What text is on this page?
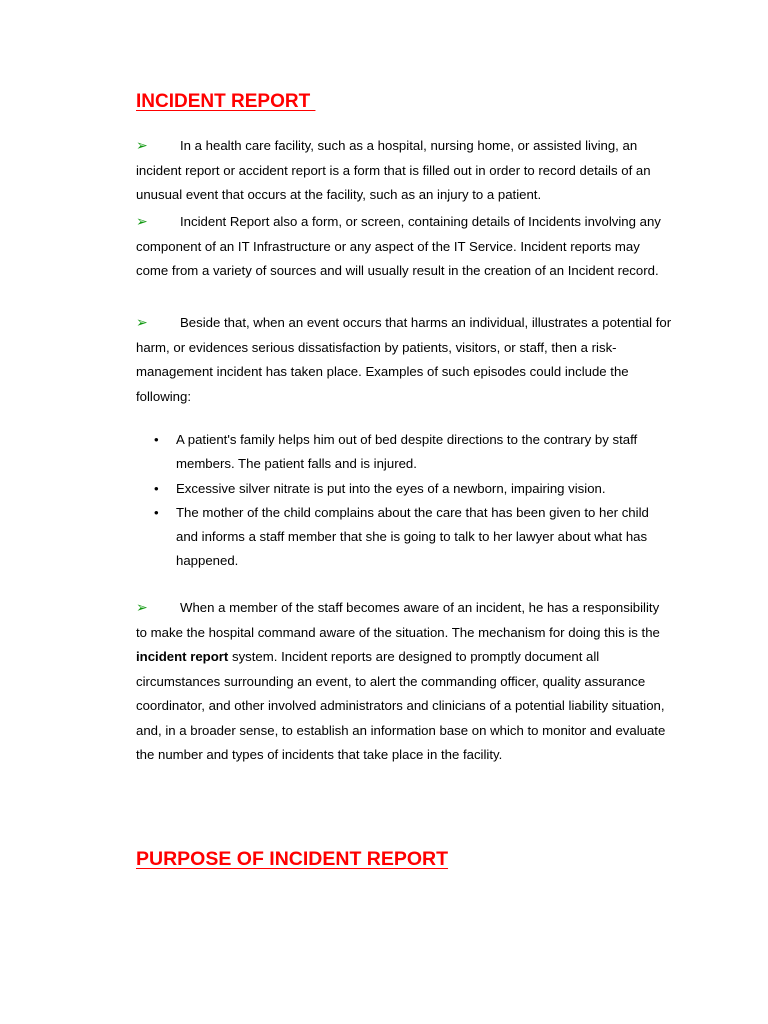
INCIDENT REPORT

➢ In a health care facility, such as a hospital, nursing home, or assisted living, an incident report or accident report is a form that is filled out in order to record details of an unusual event that occurs at the facility, such as an injury to a patient.

➢ Incident Report also a form, or screen, containing details of Incidents involving any component of an IT Infrastructure or any aspect of the IT Service. Incident reports may come from a variety of sources and will usually result in the creation of an Incident record.

➢ Beside that, when an event occurs that harms an individual, illustrates a potential for harm, or evidences serious dissatisfaction by patients, visitors, or staff, then a risk-management incident has taken place. Examples of such episodes could include the following:

• A patient's family helps him out of bed despite directions to the contrary by staff members. The patient falls and is injured.
• Excessive silver nitrate is put into the eyes of a newborn, impairing vision.
• The mother of the child complains about the care that has been given to her child and informs a staff member that she is going to talk to her lawyer about what has happened.

➢ When a member of the staff becomes aware of an incident, he has a responsibility to make the hospital command aware of the situation. The mechanism for doing this is the incident report system. Incident reports are designed to promptly document all circumstances surrounding an event, to alert the commanding officer, quality assurance coordinator, and other involved administrators and clinicians of a potential liability situation, and, in a broader sense, to establish an information base on which to monitor and evaluate the number and types of incidents that take place in the facility.

PURPOSE OF INCIDENT REPORT
